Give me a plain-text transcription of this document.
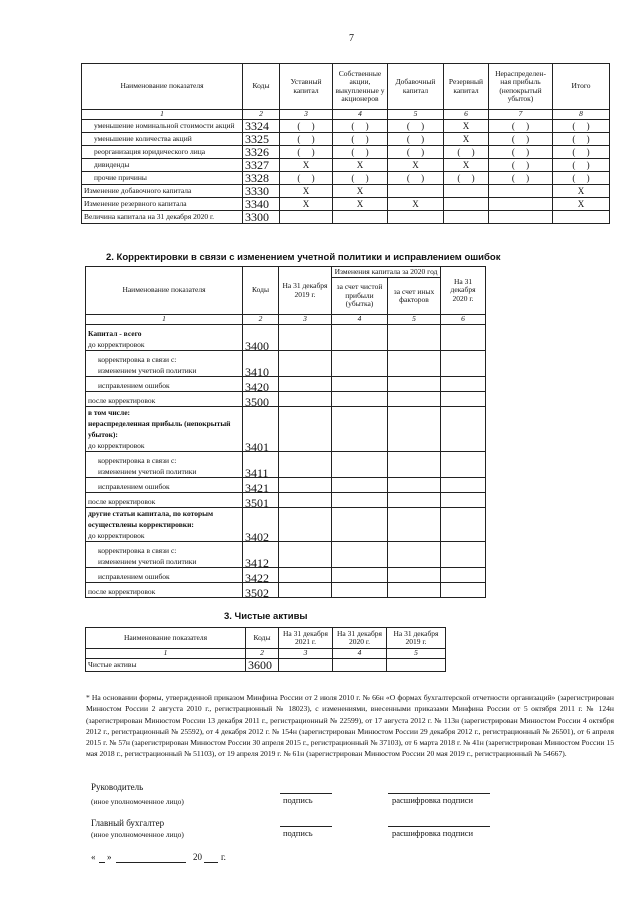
7
Наименование показателя	Коды	Уставный капитал	Собственные акции, выкупленные у акционеров	Добавочный капитал	Резервный капитал	Нераспределен-ная прибыль (непокрытый убыток)	Итого
1	2	3	4	5	6	7	8
уменьшение номинальной стоимости акций	3324	(     )	(     )	(     )	X	(     )	(     )
уменьшение количества акций	3325	(     )	(     )	(     )	X	(     )	(     )
реорганизация юридического лица	3326	(     )	(     )	(     )	(     )	(     )	(     )
дивиденды	3327	X	X	X	X	(     )	(     )
прочие причины	3328	(     )	(     )	(     )	(     )	(     )	(     )
Изменение добавочного капитала	3330	X	X				X
Изменение резервного капитала	3340	X	X	X			X
Величина капитала на 31 декабря 2020 г.	3300						
2. Корректировки в связи с изменением учетной политики и исправлением ошибок
Наименование показателя	Коды	На 31 декабря 2019 г.	Изменения капитала за 2020 год		На 31 декабря 2020 г.
			за счет чистой прибыли (убытка)	за счет иных факторов	
1	2	3	4	5	6

Капитал - всего
до корректировок	3400				

корректировка в связи с:
изменением учетной политики	3410				

исправлением ошибок	3420				

после корректировок	3500				

в том числе:
нераспределенная прибыль (непокрытый убыток):
до корректировок	3401				

корректировка в связи с:
изменением учетной политики	3411				

исправлением ошибок	3421				

после корректировок	3501				

другие статьи капитала, по которым осуществлены корректировки:
до корректировок	3402				

корректировка в связи с:
изменением учетной политики	3412				

исправлением ошибок	3422				

после корректировок	3502				
3. Чистые активы
Наименование показателя	Коды	На 31 декабря 2021 г.	На 31 декабря 2020 г.	На 31 декабря 2019 г.
1	2	3	4	5
Чистые активы	3600			
* На основании формы, утвержденной приказом Минфина России от 2 июля 2010 г. № 66н «О формах бухгалтерской отчетности организаций» (зарегистрирован Минюстом России 2 августа 2010 г., регистрационный № 18023), с изменениями, внесенными приказами Минфина России от 5 октября 2011 г. № 124н (зарегистрирован Минюстом России 13 декабря 2011 г., регистрационный № 22599), от 17 августа 2012 г. № 113н (зарегистрирован Минюстом России 4 октября 2012 г., регистрационный № 25592), от 4 декабря 2012 г. № 154н (зарегистрирован Минюстом России 29 декабря 2012 г., регистрационный № 26501), от 6 апреля 2015 г. № 57н (зарегистрирован Минюстом России 30 апреля 2015 г., регистрационный № 37103), от 6 марта 2018 г. № 41н (зарегистрирован Минюстом России 15 мая 2018 г., регистрационный № 51103), от 19 апреля 2019 г. № 61н (зарегистрирован Минюстом России 20 мая 2019 г., регистрационный № 54667).
Руководитель
(иное уполномоченное лицо)	подпись	расшифровка подписи
Главный бухгалтер
(иное уполномоченное лицо)	подпись	расшифровка подписи
« »	20 г.
